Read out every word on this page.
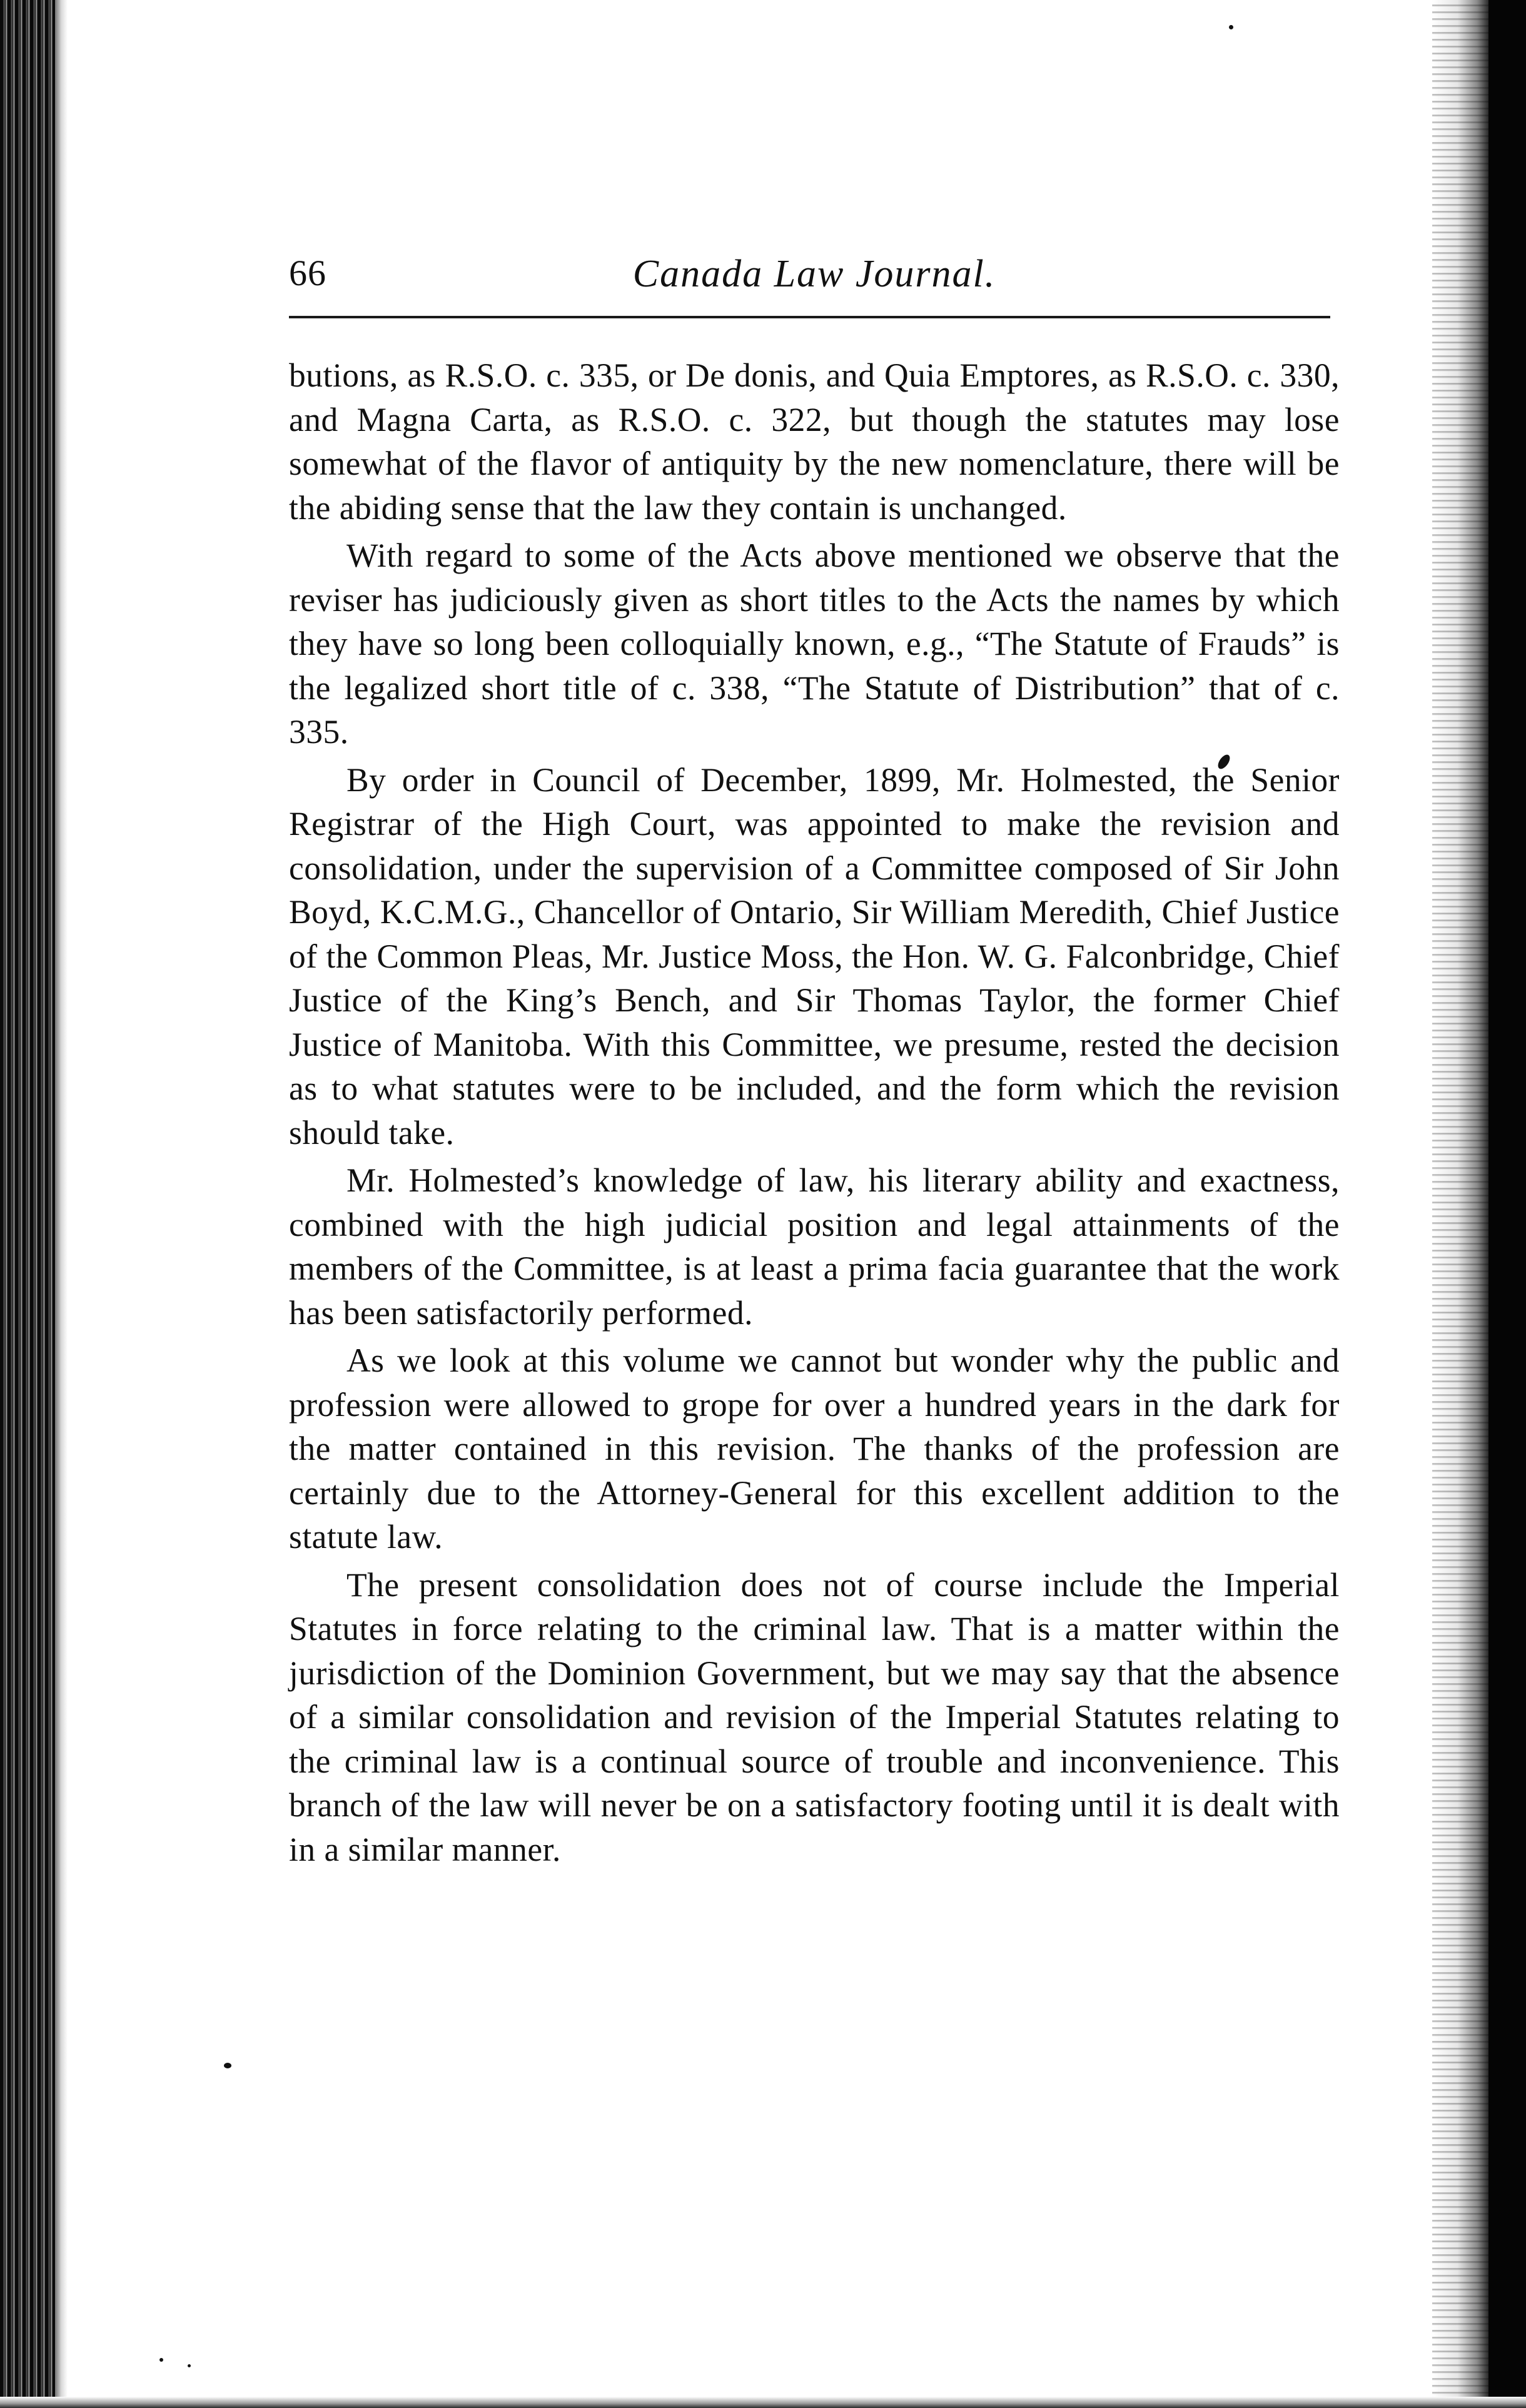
66	Canada Law Journal.

butions, as R.S.O. c. 335, or De donis, and Quia Emptores, as R.S.O. c. 330, and Magna Carta, as R.S.O. c. 322, but though the statutes may lose somewhat of the flavor of antiquity by the new nomenclature, there will be the abiding sense that the law they contain is unchanged.

With regard to some of the Acts above mentioned we observe that the reviser has judiciously given as short titles to the Acts the names by which they have so long been colloquially known, e.g., “The Statute of Frauds” is the legalized short title of c. 338, “The Statute of Distribution” that of c. 335.

By order in Council of December, 1899, Mr. Holmested, the Senior Registrar of the High Court, was appointed to make the revision and consolidation, under the supervision of a Committee composed of Sir John Boyd, K.C.M.G., Chancellor of Ontario, Sir William Meredith, Chief Justice of the Common Pleas, Mr. Justice Moss, the Hon. W. G. Falconbridge, Chief Justice of the King’s Bench, and Sir Thomas Taylor, the former Chief Justice of Manitoba. With this Committee, we presume, rested the decision as to what statutes were to be included, and the form which the revision should take.

Mr. Holmested’s knowledge of law, his literary ability and exactness, combined with the high judicial position and legal attainments of the members of the Committee, is at least a prima facia guarantee that the work has been satisfactorily performed.

As we look at this volume we cannot but wonder why the public and profession were allowed to grope for over a hundred years in the dark for the matter contained in this revision. The thanks of the profession are certainly due to the Attorney-General for this excellent addition to the statute law.

The present consolidation does not of course include the Imperial Statutes in force relating to the criminal law. That is a matter within the jurisdiction of the Dominion Government, but we may say that the absence of a similar consolidation and revision of the Imperial Statutes relating to the criminal law is a continual source of trouble and inconvenience. This branch of the law will never be on a satisfactory footing until it is dealt with in a similar manner.
